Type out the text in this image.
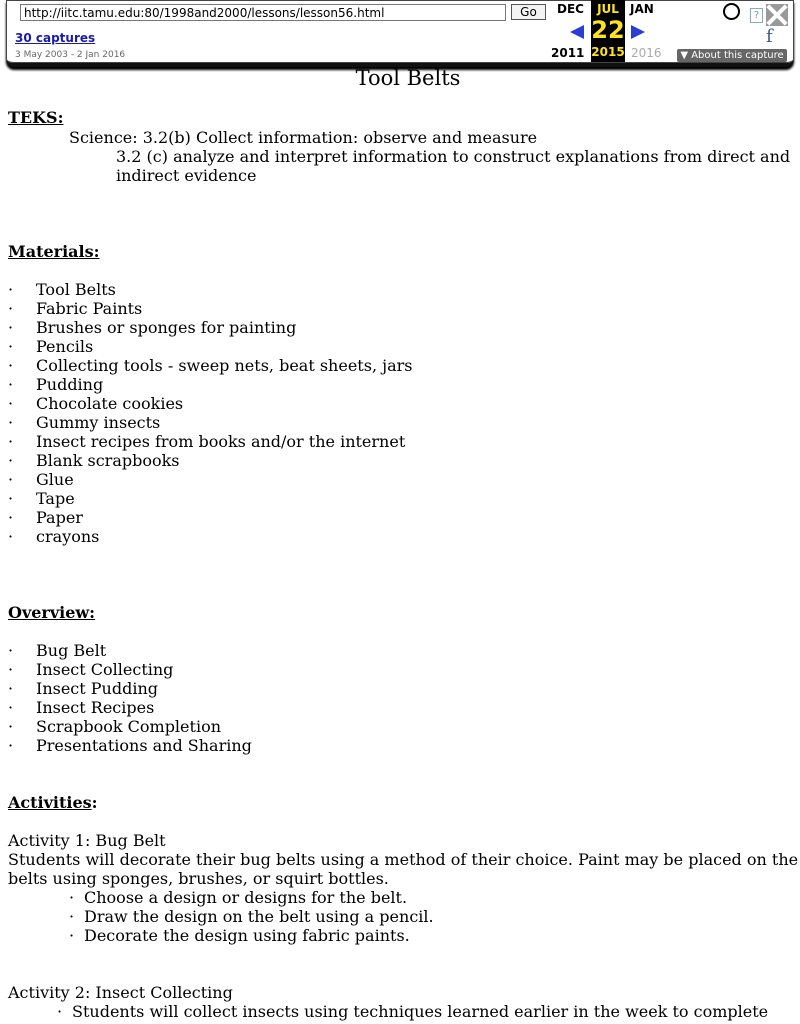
http://iitc.tamu.edu:80/1998and2000/lessons/lesson56.html
Go
30 captures
3 May 2003 - 2 Jan 2016
DEC	JAN
JUL
22
2015
2011	2016
?
f
▼ About this capture
Tool Belts
TEKS:
Science: 3.2(b) Collect information: observe and measure
3.2 (c) analyze and interpret information to construct explanations from direct and
indirect evidence
Materials:
· Tool Belts
· Fabric Paints
· Brushes or sponges for painting
· Pencils
· Collecting tools - sweep nets, beat sheets, jars
· Pudding
· Chocolate cookies
· Gummy insects
· Insect recipes from books and/or the internet
· Blank scrapbooks
· Glue
· Tape
· Paper
· crayons
Overview:
· Bug Belt
· Insect Collecting
· Insect Pudding
· Insect Recipes
· Scrapbook Completion
· Presentations and Sharing
Activities:
Activity 1: Bug Belt
Students will decorate their bug belts using a method of their choice. Paint may be placed on the belts using sponges, brushes, or squirt bottles.
· Choose a design or designs for the belt.
· Draw the design on the belt using a pencil.
· Decorate the design using fabric paints.
Activity 2: Insect Collecting
· Students will collect insects using techniques learned earlier in the week to complete
